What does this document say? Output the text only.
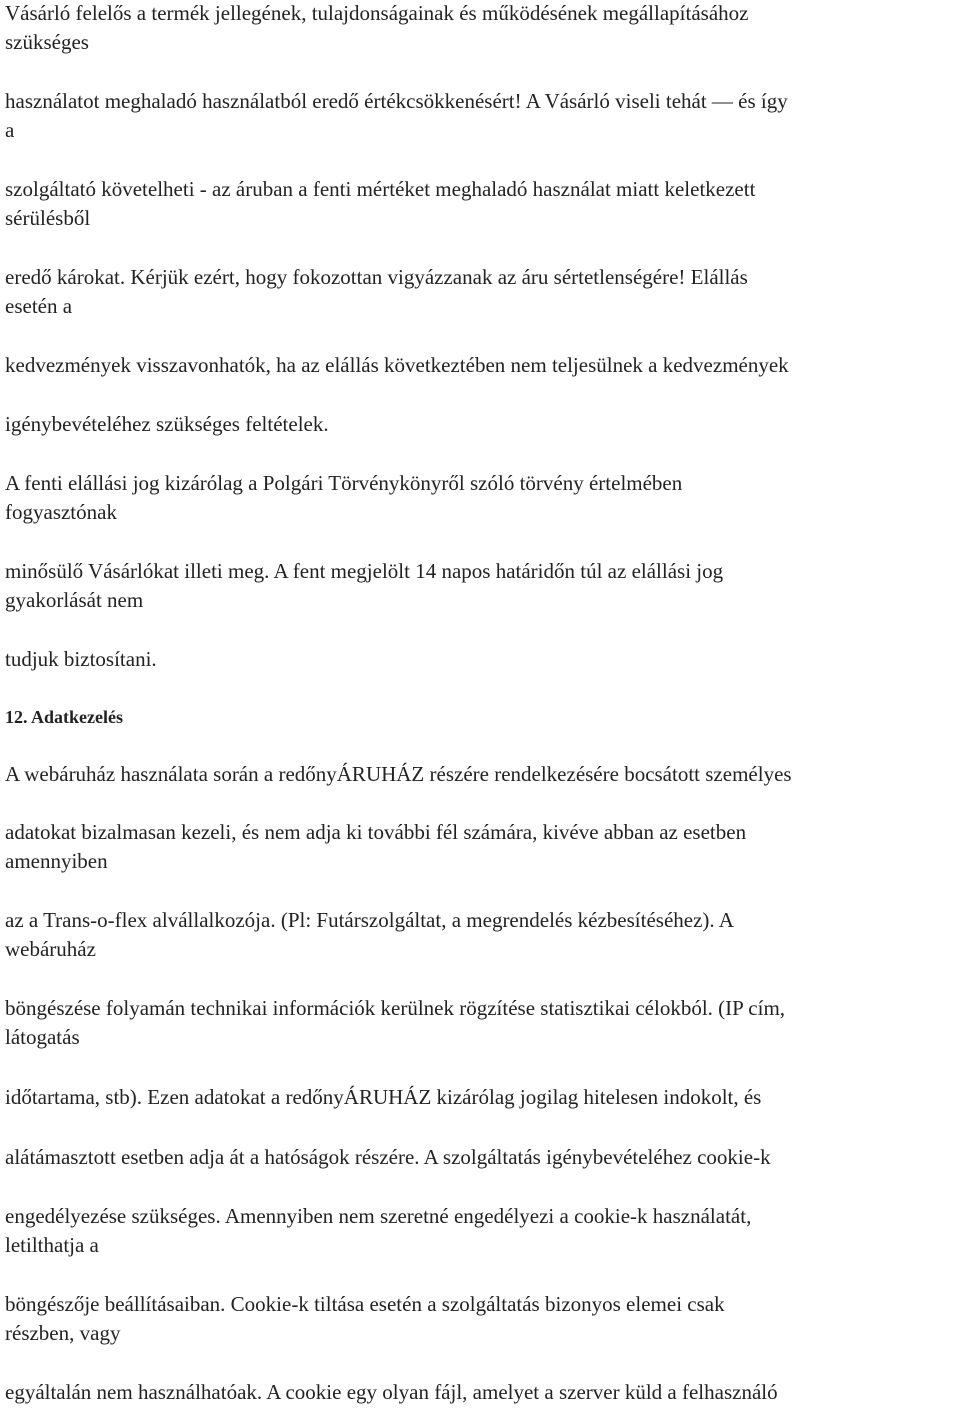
Vásárló felelős a termék jellegének, tulajdonságainak és működésének megállapításához
szükséges
használatot meghaladó használatból eredő értékcsökkenésért! A Vásárló viseli tehát ― és így
a
szolgáltató követelheti - az áruban a fenti mértéket meghaladó használat miatt keletkezett
sérülésből
eredő károkat. Kérjük ezért, hogy fokozottan vigyázzanak az áru sértetlenségére! Elállás
esetén a
kedvezmények visszavonhatók, ha az elállás következtében nem teljesülnek a kedvezmények
igénybevételéhez szükséges feltételek.
A fenti elállási jog kizárólag a Polgári Törvénykönyről szóló törvény értelmében
fogyasztónak
minősülő Vásárlókat illeti meg. A fent megjelölt 14 napos határidőn túl az elállási jog
gyakorlását nem
tudjuk biztosítani.
12. Adatkezelés
A webáruház használata során a redőnyÁRUHÁZ részére rendelkezésére bocsátott személyes
adatokat bizalmasan kezeli, és nem adja ki további fél számára, kivéve abban az esetben
amennyiben
az a Trans-o-flex alvállalkozója. (Pl: Futárszolgáltat, a megrendelés kézbesítéséhez). A
webáruház
böngészése folyamán technikai információk kerülnek rögzítése statisztikai célokból. (IP cím,
látogatás
időtartama, stb). Ezen adatokat a redőnyÁRUHÁZ kizárólag jogilag hitelesen indokolt, és
alátámasztott esetben adja át a hatóságok részére. A szolgáltatás igénybevételéhez cookie-k
engedélyezése szükséges. Amennyiben nem szeretné engedélyezi a cookie-k használatát,
letilthatja a
böngészője beállításaiban. Cookie-k tiltása esetén a szolgáltatás bizonyos elemei csak
részben, vagy
egyáltalán nem használhatóak. A cookie egy olyan fájl, amelyet a szerver küld a felhasználó
